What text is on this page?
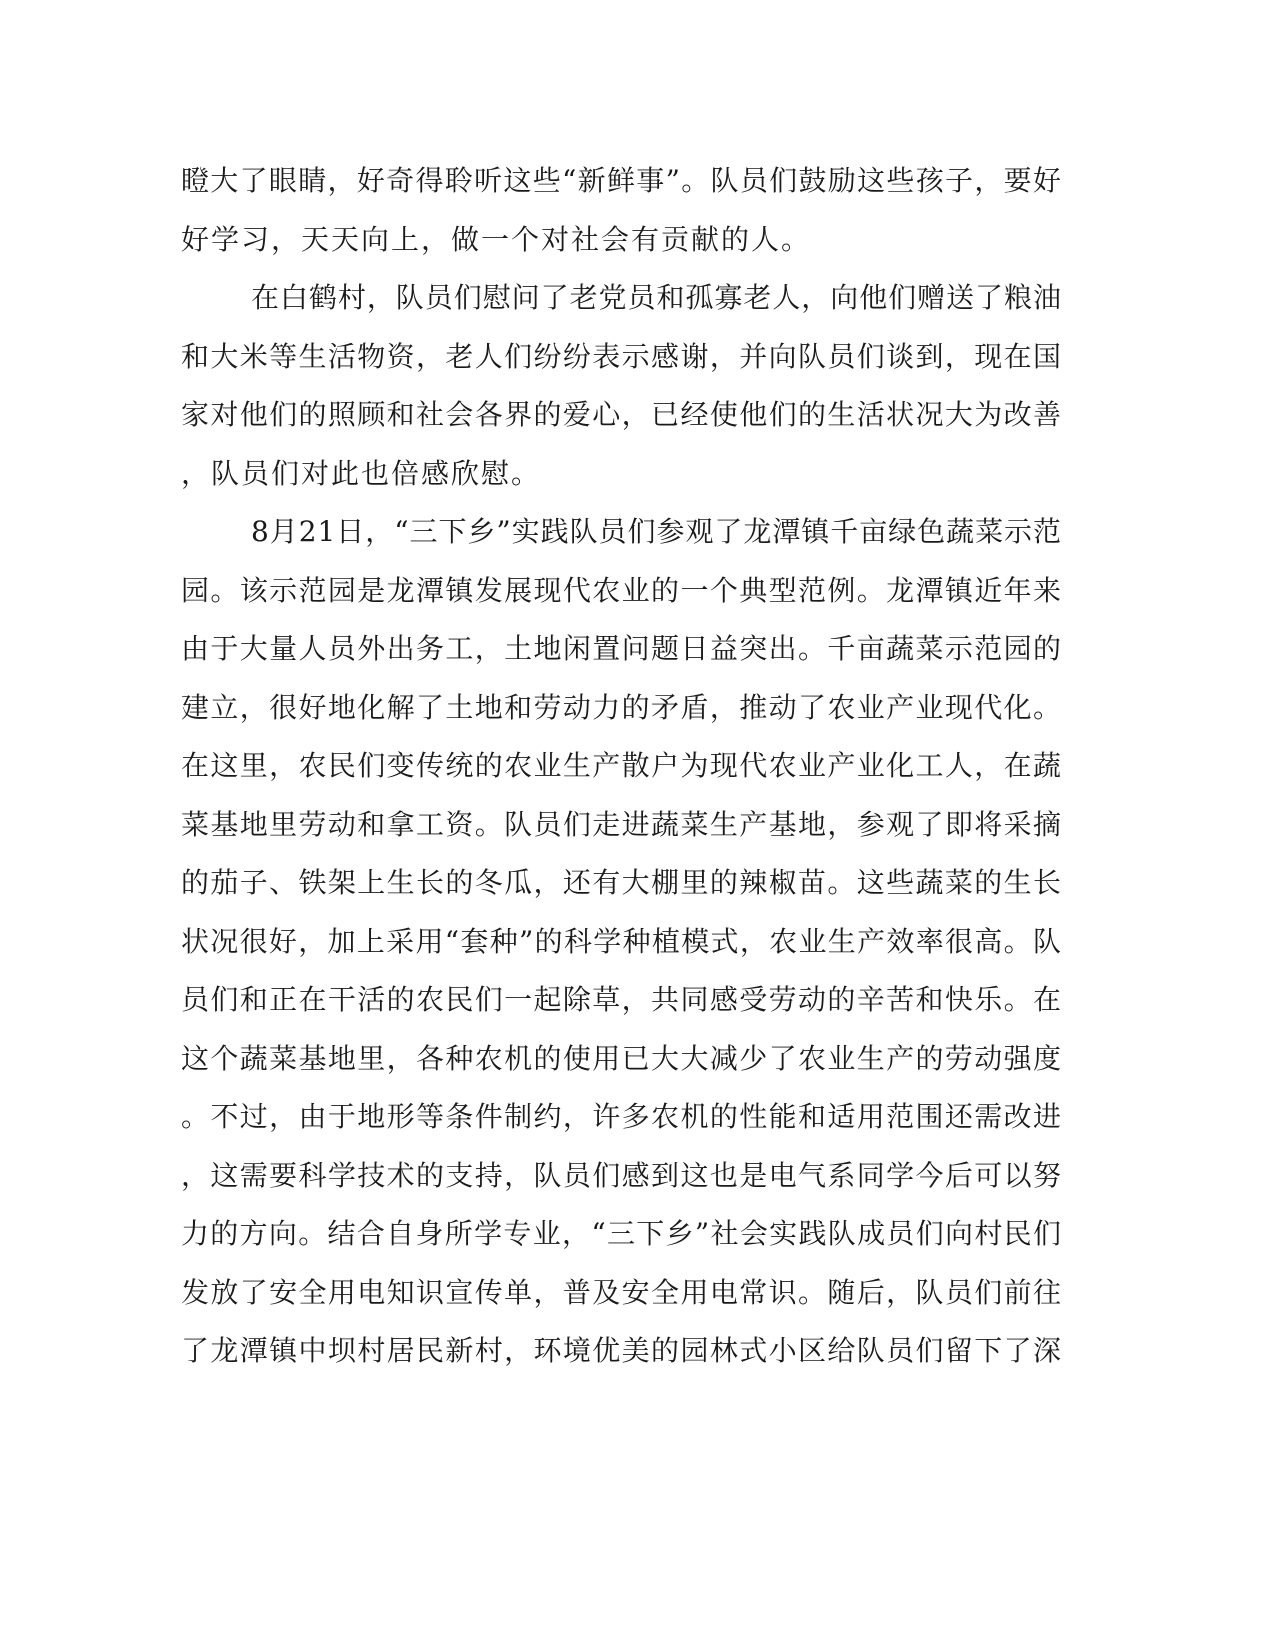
瞪大了眼睛，好奇得聆听这些“新鲜事”。队员们鼓励这些孩子，要好
好学习，天天向上，做一个对社会有贡献的人。
在白鹤村，队员们慰问了老党员和孤寡老人，向他们赠送了粮油
和大米等生活物资，老人们纷纷表示感谢，并向队员们谈到，现在国
家对他们的照顾和社会各界的爱心，已经使他们的生活状况大为改善
，队员们对此也倍感欣慰。
8月21日，“三下乡”实践队员们参观了龙潭镇千亩绿色蔬菜示范
园。该示范园是龙潭镇发展现代农业的一个典型范例。龙潭镇近年来
由于大量人员外出务工，土地闲置问题日益突出。千亩蔬菜示范园的
建立，很好地化解了土地和劳动力的矛盾，推动了农业产业现代化。
在这里，农民们变传统的农业生产散户为现代农业产业化工人，在蔬
菜基地里劳动和拿工资。队员们走进蔬菜生产基地，参观了即将采摘
的茄子、铁架上生长的冬瓜，还有大棚里的辣椒苗。这些蔬菜的生长
状况很好，加上采用“套种”的科学种植模式，农业生产效率很高。队
员们和正在干活的农民们一起除草，共同感受劳动的辛苦和快乐。在
这个蔬菜基地里，各种农机的使用已大大减少了农业生产的劳动强度
。不过，由于地形等条件制约，许多农机的性能和适用范围还需改进
，这需要科学技术的支持，队员们感到这也是电气系同学今后可以努
力的方向。结合自身所学专业，“三下乡”社会实践队成员们向村民们
发放了安全用电知识宣传单，普及安全用电常识。随后，队员们前往
了龙潭镇中坝村居民新村，环境优美的园林式小区给队员们留下了深
